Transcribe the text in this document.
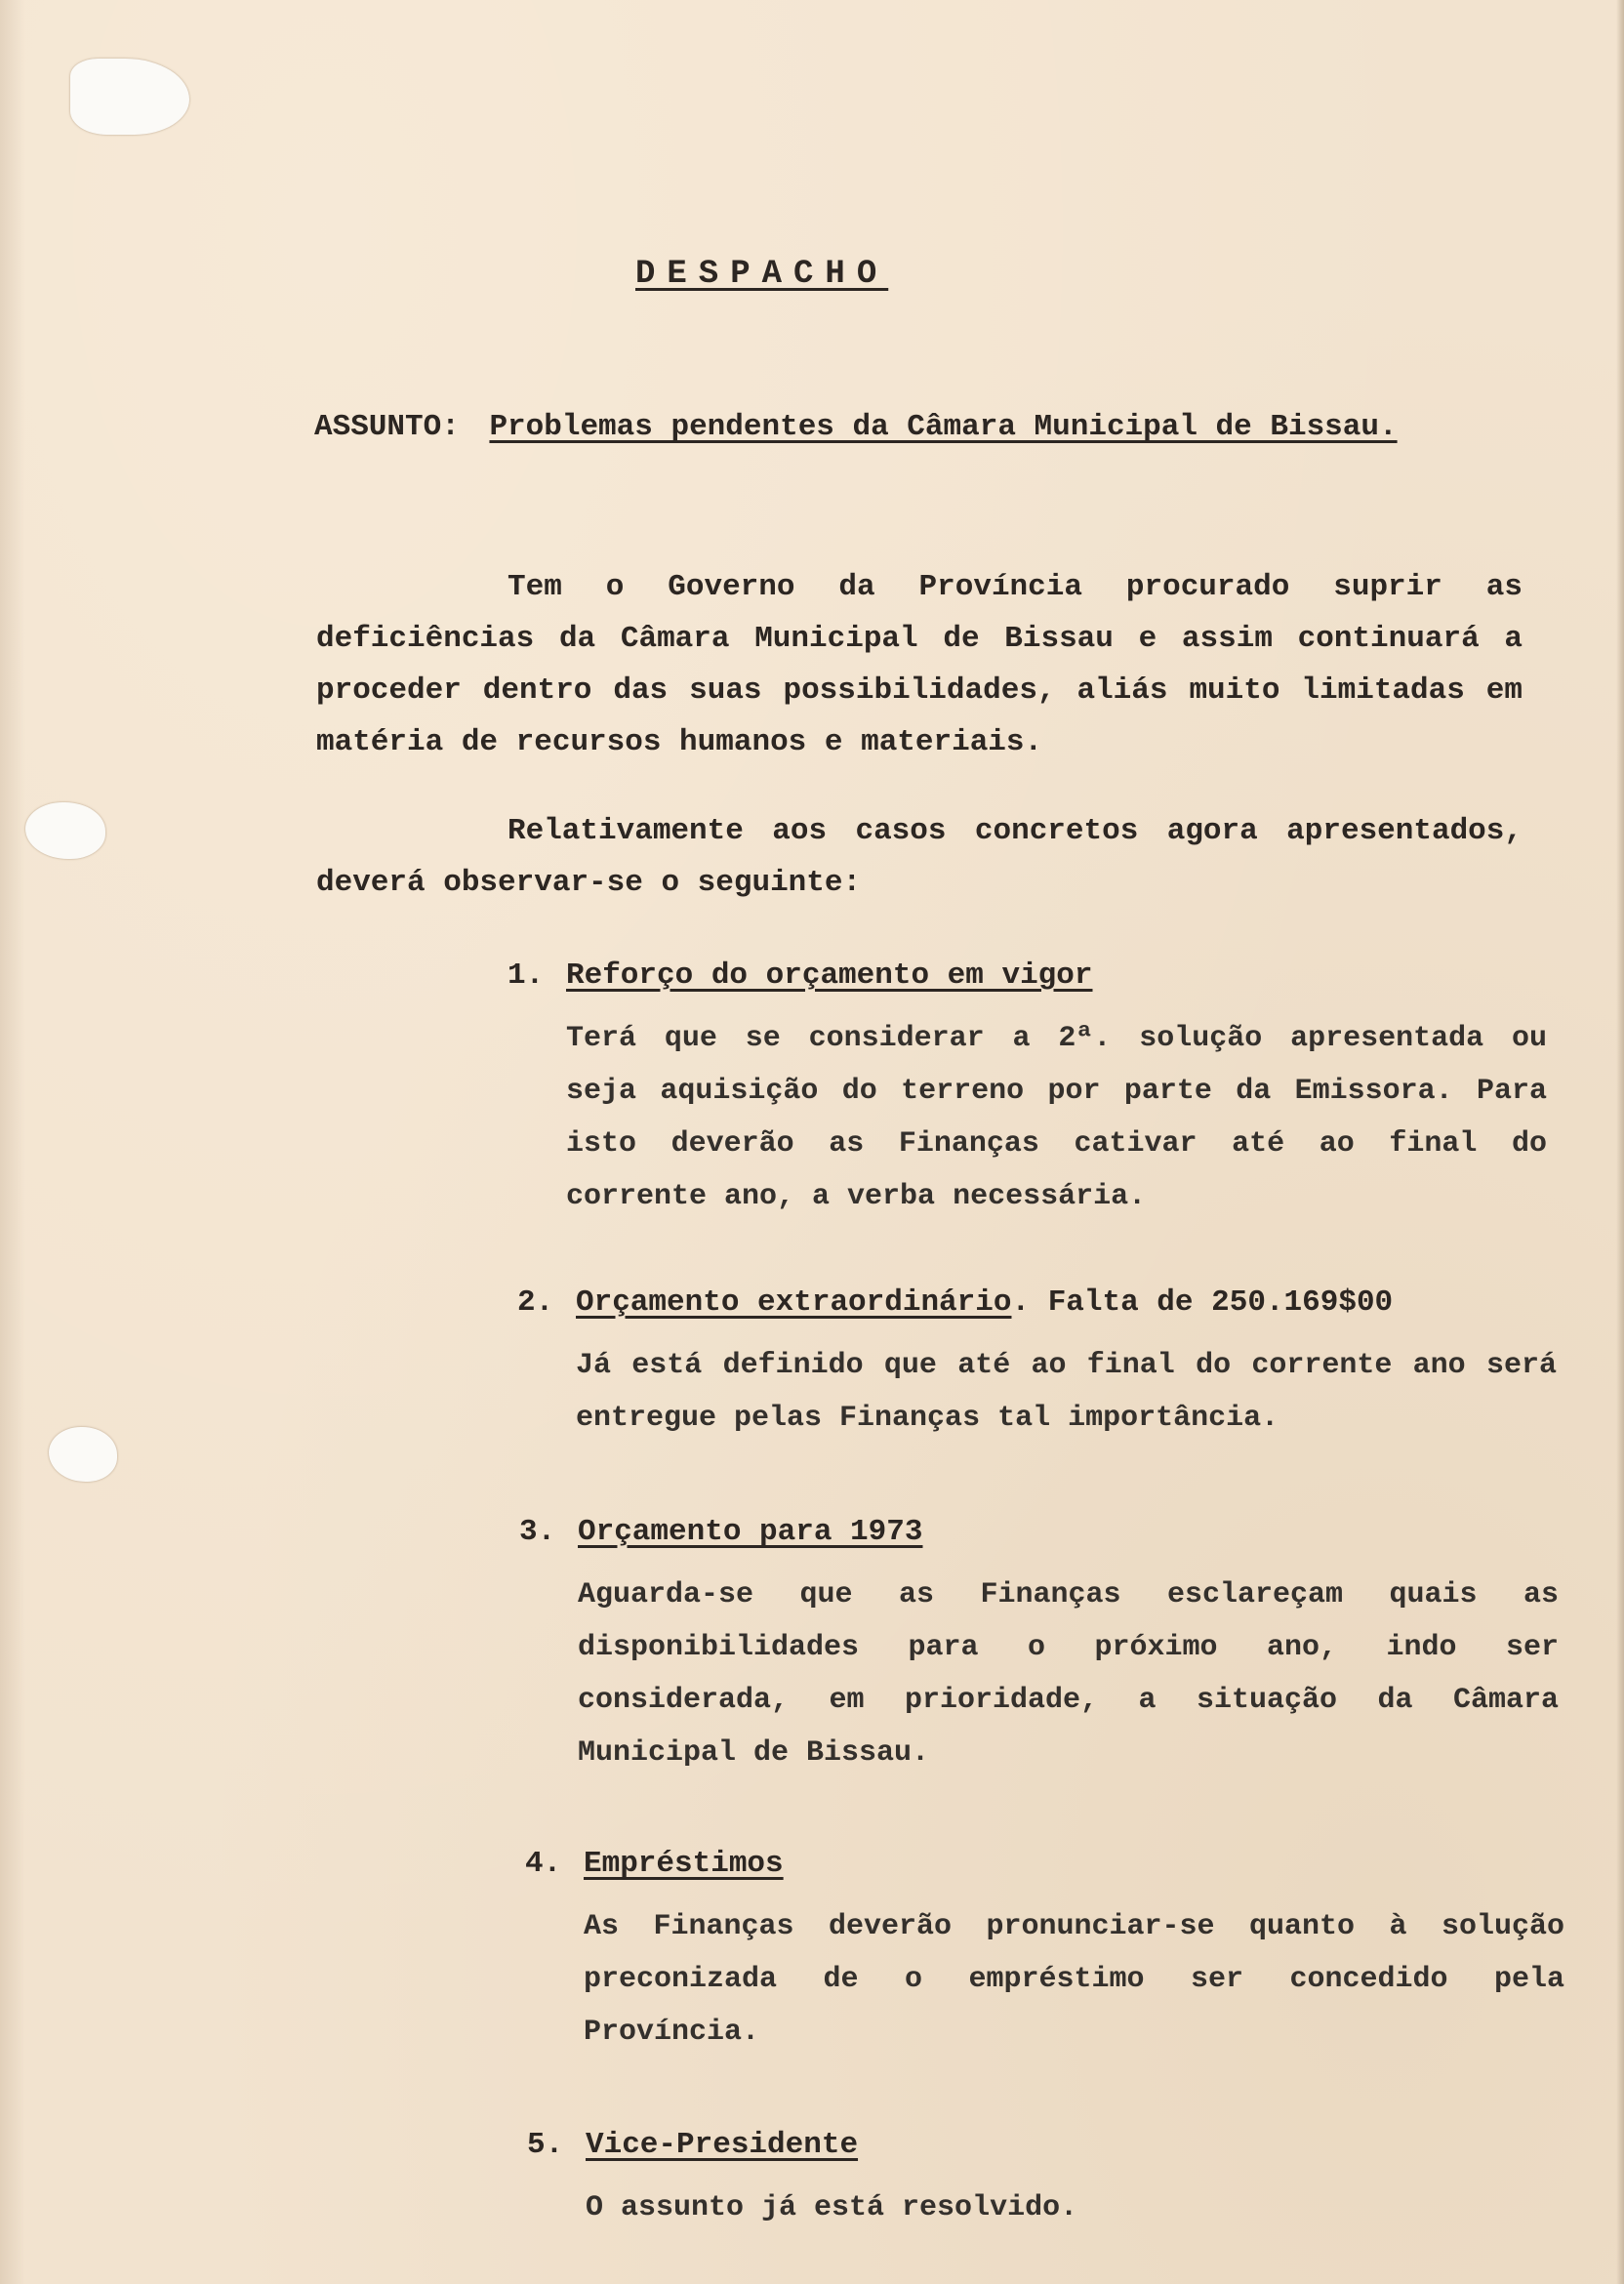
DESPACHO
ASSUNTO: Problemas pendentes da Câmara Municipal de Bissau.

Tem o Governo da Província procurado suprir as deficiências da Câmara Municipal de Bissau e assim continuará a proceder dentro das suas possibilidades, aliás muito limitadas em matéria de recursos humanos e materiais.

Relativamente aos casos concretos agora apresentados, deverá observar-se o seguinte:

1. Reforço do orçamento em vigor
Terá que se considerar a 2ª. solução apresentada ou seja aquisição do terreno por parte da Emissora. Para isto deverão as Finanças cativar até ao final do corrente ano, a verba necessária.
2. Orçamento extraordinário. Falta de 250.169$00
Já está definido que até ao final do corrente ano será entregue pelas Finanças tal importância.
3. Orçamento para 1973
Aguarda-se que as Finanças esclareçam quais as disponibilidades para o próximo ano, indo ser considerada, em prioridade, a situação da Câmara Municipal de Bissau.
4. Empréstimos
As Finanças deverão pronunciar-se quanto à solução preconizada de o empréstimo ser concedido pela Província.
5. Vice-Presidente
O assunto já está resolvido.
